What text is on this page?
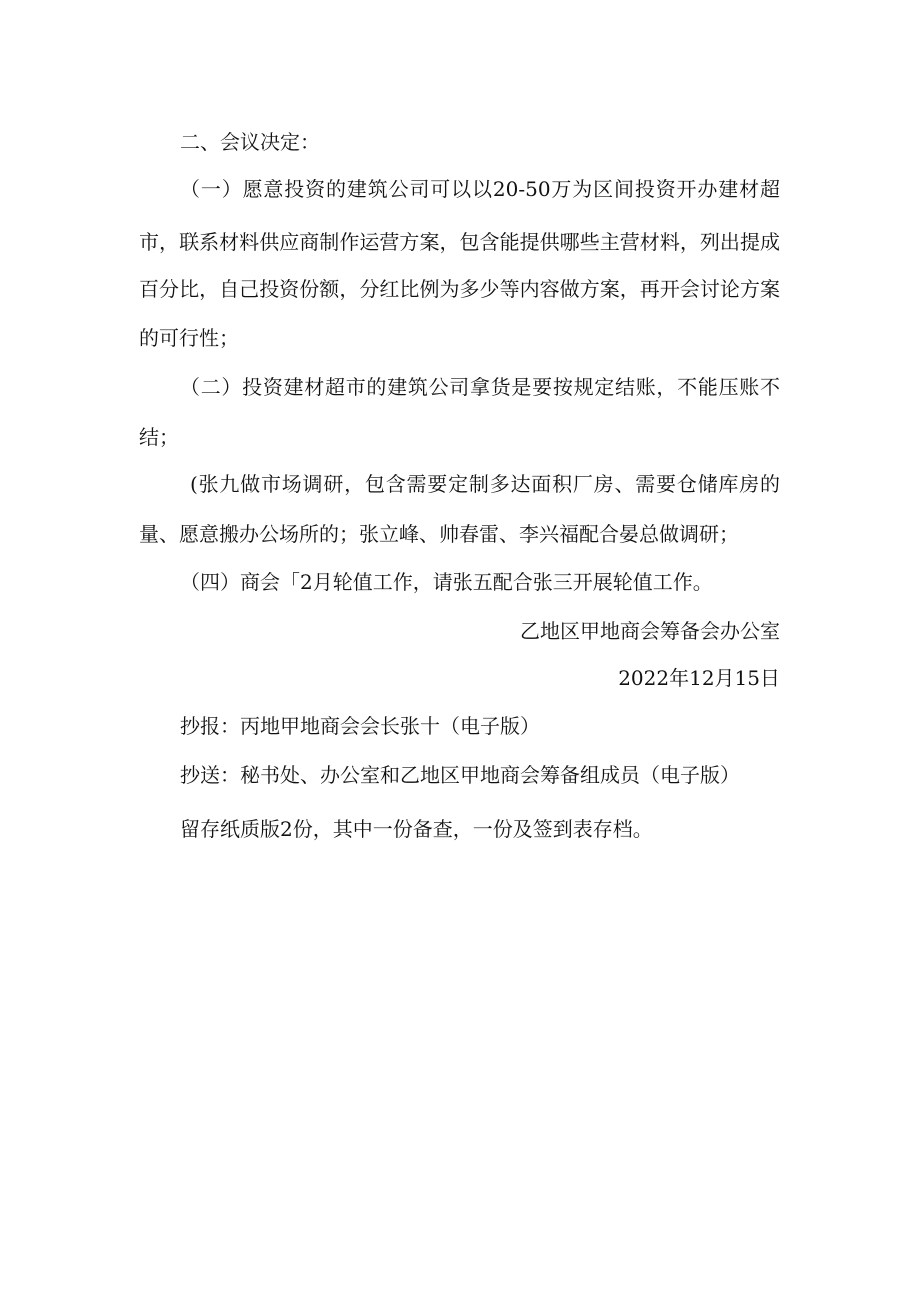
二、会议决定：
（一）愿意投资的建筑公司可以以20-50万为区间投资开办建材超
市，联系材料供应商制作运营方案，包含能提供哪些主营材料，列出提成
百分比，自己投资份额，分红比例为多少等内容做方案，再开会讨论方案
的可行性；
（二）投资建材超市的建筑公司拿货是要按规定结账，不能压账不
结；
(张九做市场调研，包含需要定制多达面积厂房、需要仓储库房的
量、愿意搬办公场所的；张立峰、帅春雷、李兴福配合晏总做调研；
（四）商会「2月轮值工作，请张五配合张三开展轮值工作。
乙地区甲地商会筹备会办公室
2022年12月15日
抄报：丙地甲地商会会长张十（电子版）
抄送：秘书处、办公室和乙地区甲地商会筹备组成员（电子版）
留存纸质版2份，其中一份备查，一份及签到表存档。
